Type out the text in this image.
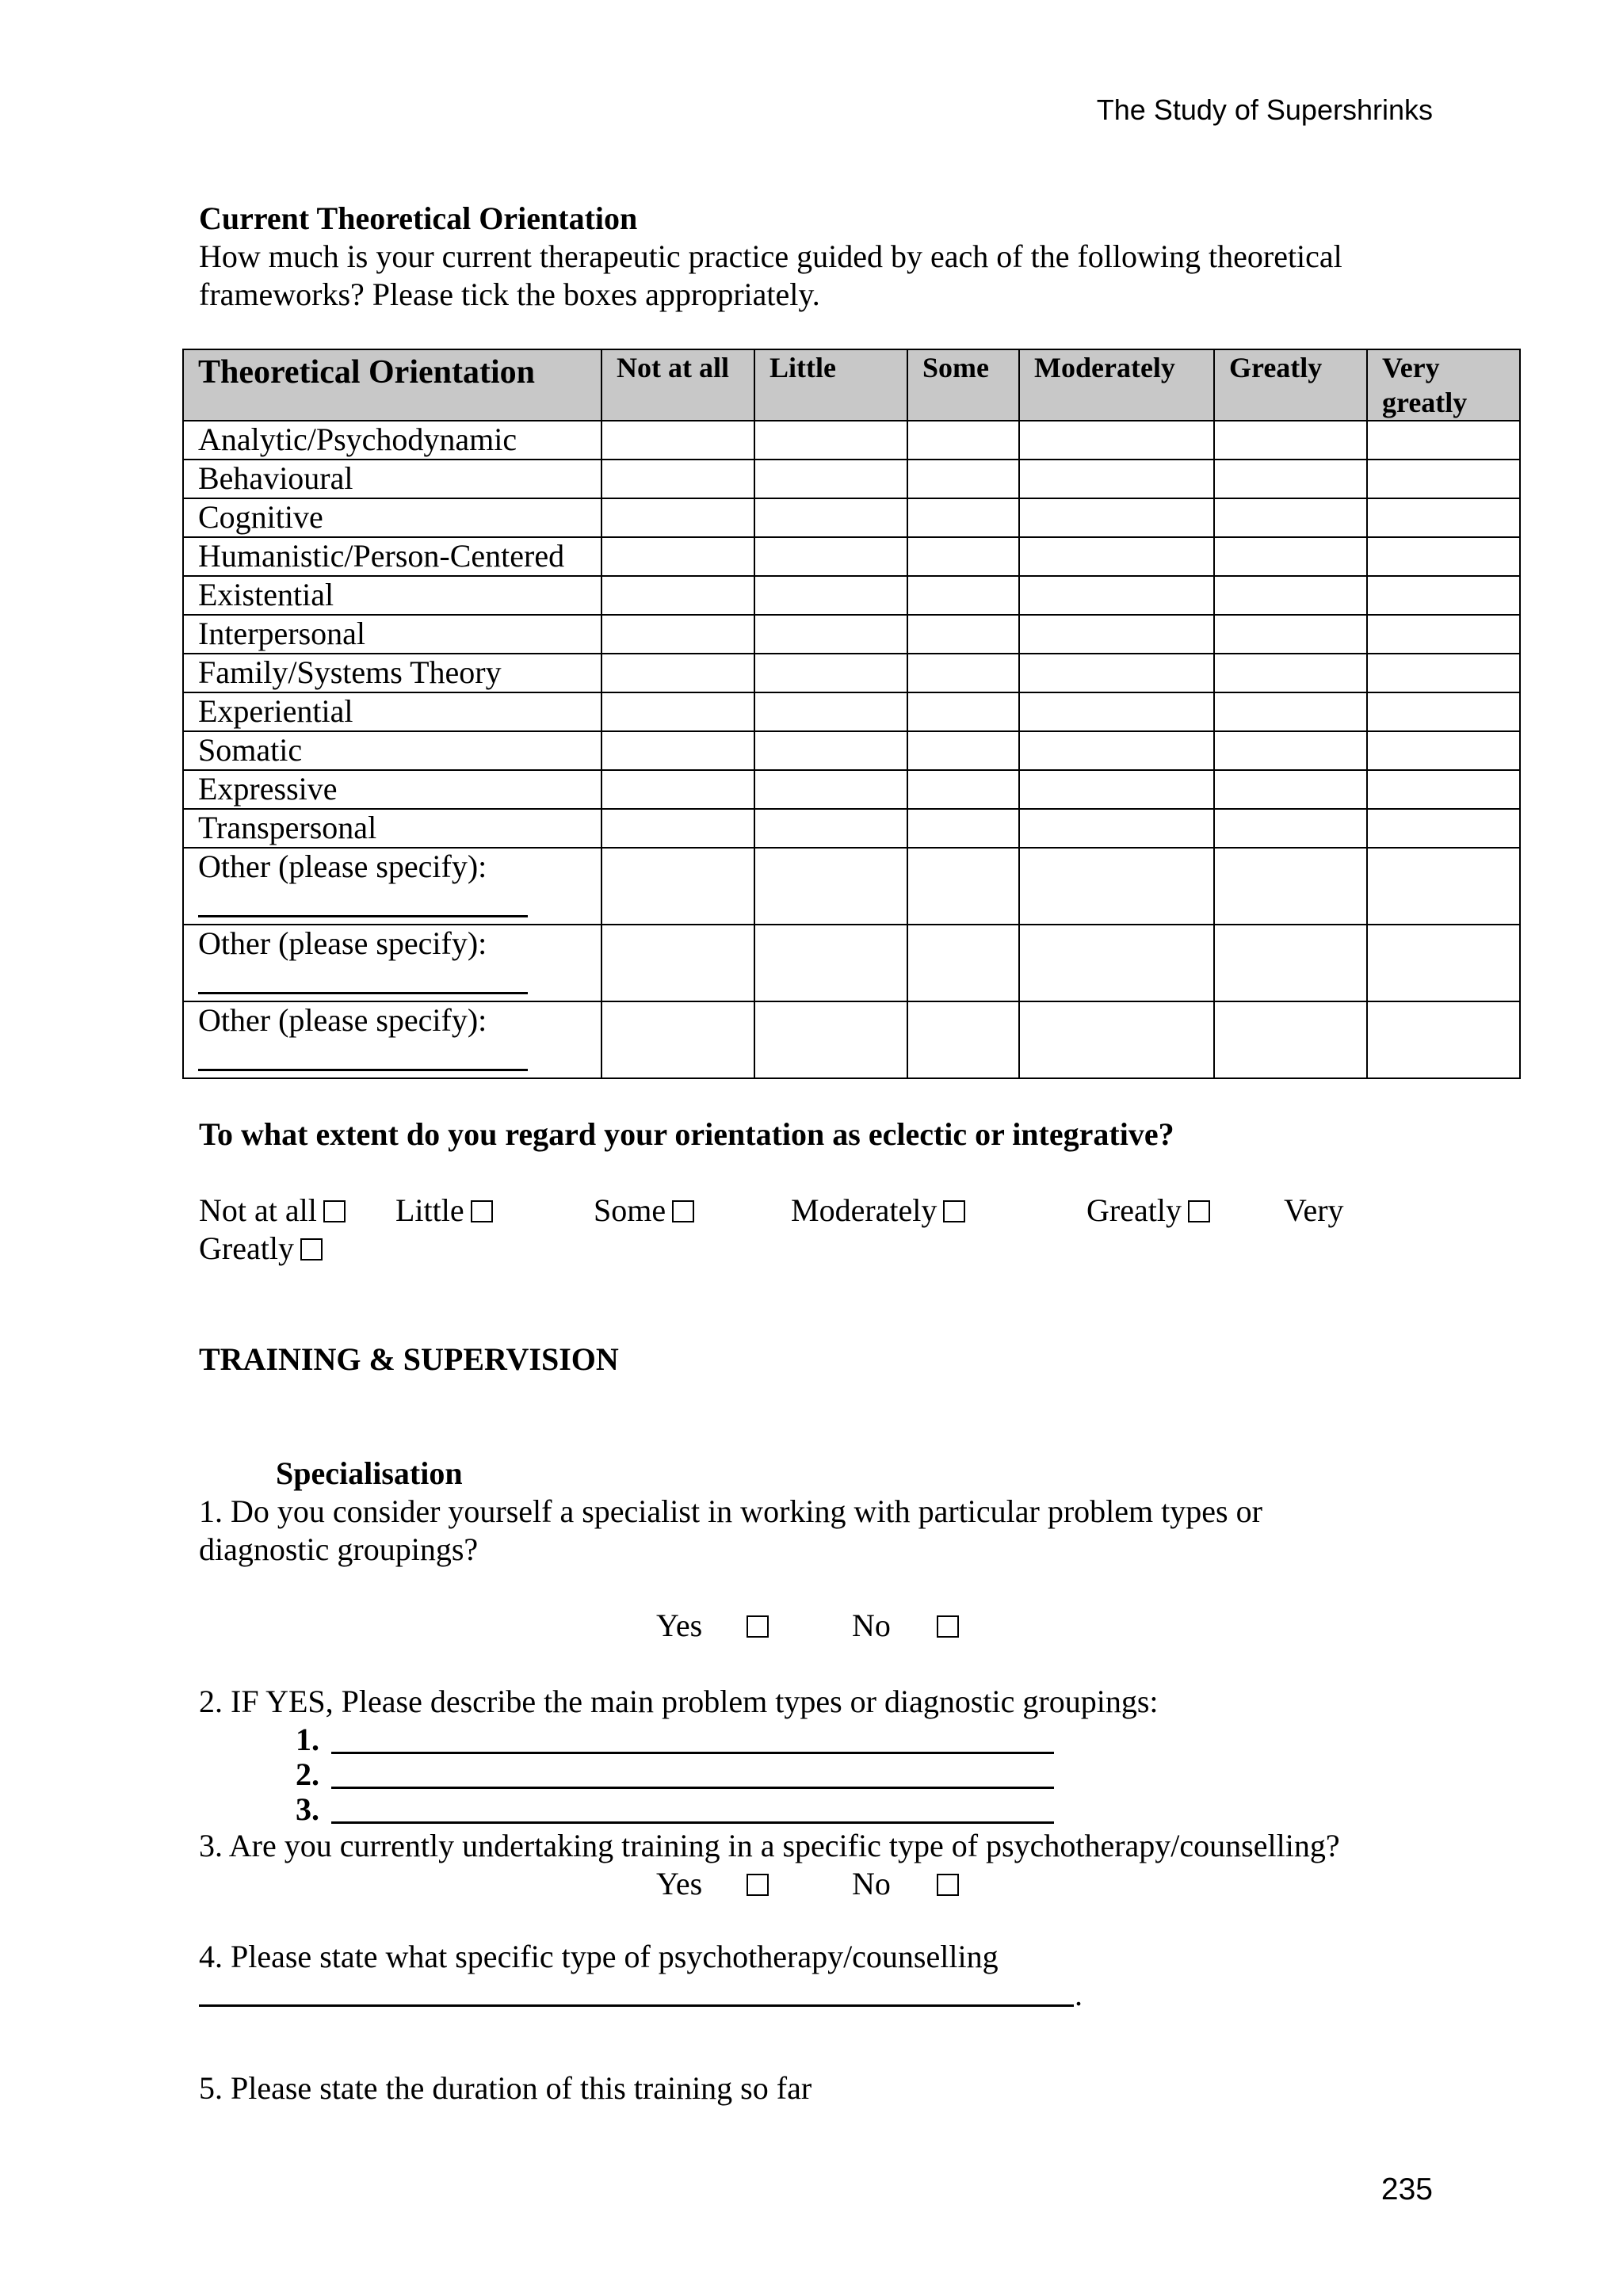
The Study of Supershrinks
Current Theoretical Orientation
How much is your current therapeutic practice guided by each of the following theoretical
frameworks? Please tick the boxes appropriately.
Theoretical Orientation	Not at all	Little	Some	Moderately	Greatly	Very greatly

Analytic/Psychodynamic						

Behavioural						

Cognitive						

Humanistic/Person-Centered						

Existential						

Interpersonal						

Family/Systems Theory						

Experiential						

Somatic						

Expressive						

Transpersonal						

Other (please specify):						

Other (please specify):						

Other (please specify):						

To what extent do you regard your orientation as eclectic or integrative?
Not at all	Little	Some	Moderately	Greatly	Very
Greatly
TRAINING & SUPERVISION
Specialisation
1. Do you consider yourself a specialist in working with particular problem types or
diagnostic groupings?
Yes	No
2. IF YES, Please describe the main problem types or diagnostic groupings:
1.
2.
3.
3. Are you currently undertaking training in a specific type of psychotherapy/counselling?
Yes	No
4. Please state what specific type of psychotherapy/counselling
.
5. Please state the duration of this training so far
235
